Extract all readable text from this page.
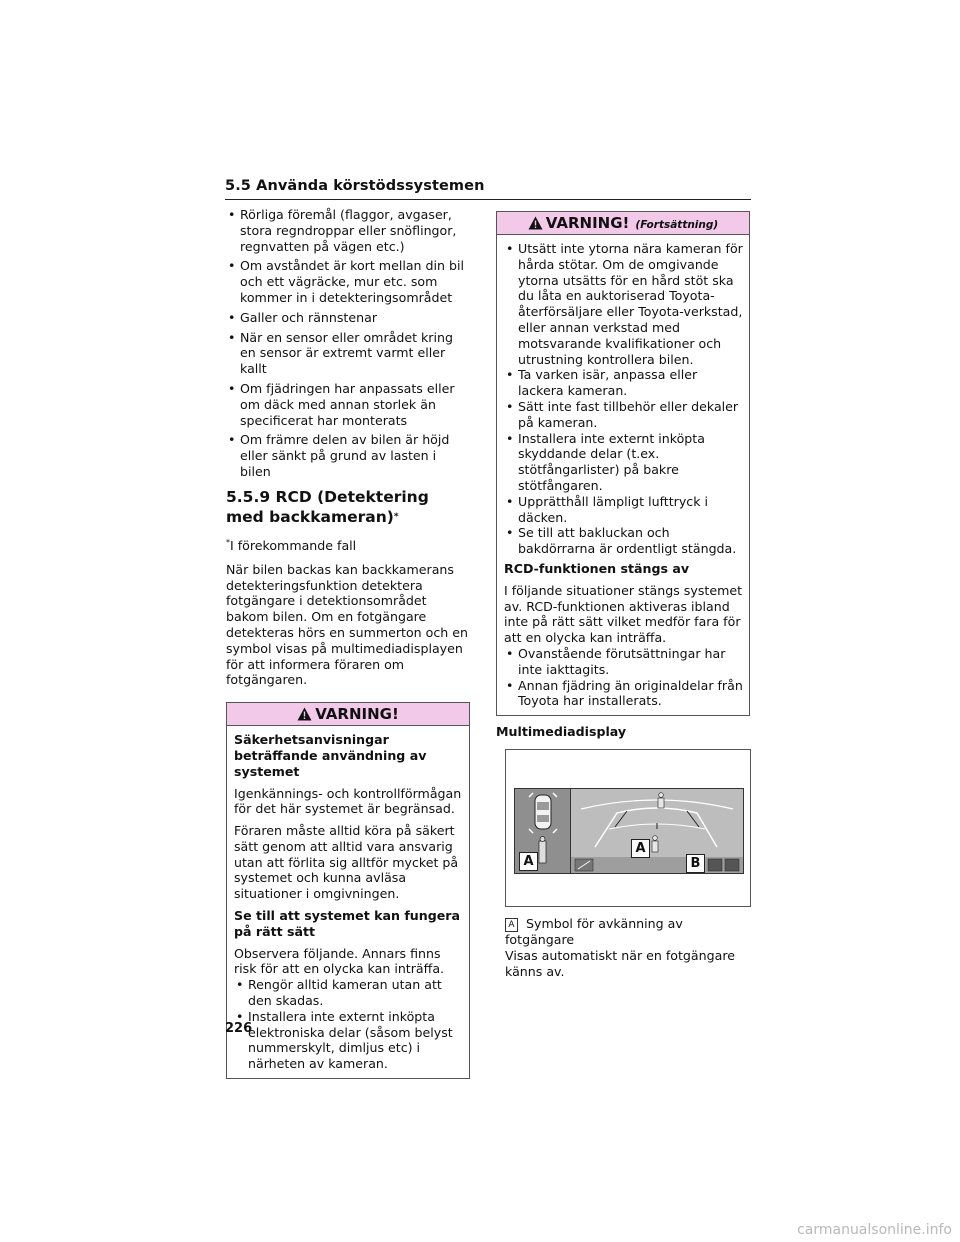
5.5 Använda körstödssystemen
• Rörliga föremål (flaggor, avgaser, stora regndroppar eller snöflingor, regnvatten på vägen etc.)
• Om avståndet är kort mellan din bil och ett vägräcke, mur etc. som kommer in i detekteringsområdet
• Galler och rännstenar
• När en sensor eller området kring en sensor är extremt varmt eller kallt
• Om fjädringen har anpassats eller om däck med annan storlek än specificerat har monterats
• Om främre delen av bilen är höjd eller sänkt på grund av lasten i bilen
5.5.9 RCD (Detektering med backkameran)*
*I förekommande fall

När bilen backas kan backkamerans detekteringsfunktion detektera fotgängare i detektionsområdet bakom bilen. Om en fotgängare detekteras hörs en summerton och en symbol visas på multimediadisplayen för att informera föraren om fotgängaren.

VARNING!

Säkerhetsanvisningar beträffande användning av systemet

Igenkännings- och kontrollförmågan för det här systemet är begränsad.

Föraren måste alltid köra på säkert sätt genom att alltid vara ansvarig utan att förlita sig alltför mycket på systemet och kunna avläsa situationer i omgivningen.

Se till att systemet kan fungera på rätt sätt

Observera följande. Annars finns risk för att en olycka kan inträffa.

• Rengör alltid kameran utan att den skadas.
• Installera inte externt inköpta elektroniska delar (såsom belyst nummerskylt, dimljus etc) i närheten av kameran.
VARNING! (Fortsättning)
• Utsätt inte ytorna nära kameran för hårda stötar. Om de omgivande ytorna utsätts för en hård stöt ska du låta en auktoriserad Toyota-återförsäljare eller Toyota-verkstad, eller annan verkstad med motsvarande kvalifikationer och utrustning kontrollera bilen.
• Ta varken isär, anpassa eller lackera kameran.
• Sätt inte fast tillbehör eller dekaler på kameran.
• Installera inte externt inköpta skyddande delar (t.ex. stötfångarlister) på bakre stötfångaren.
• Upprätthåll lämpligt lufttryck i däcken.
• Se till att bakluckan och bakdörrarna är ordentligt stängda.

RCD-funktionen stängs av

I följande situationer stängs systemet av. RCD-funktionen aktiveras ibland inte på rätt sätt vilket medför fara för att en olycka kan inträffa.

• Ovanstående förutsättningar har inte iakttagits.
• Annan fjädring än originaldelar från Toyota har installerats.
Multimediadisplay
A
A
B
A Symbol för avkänning av fotgängare
Visas automatiskt när en fotgängare känns av.
226
carmanualsonline.info
